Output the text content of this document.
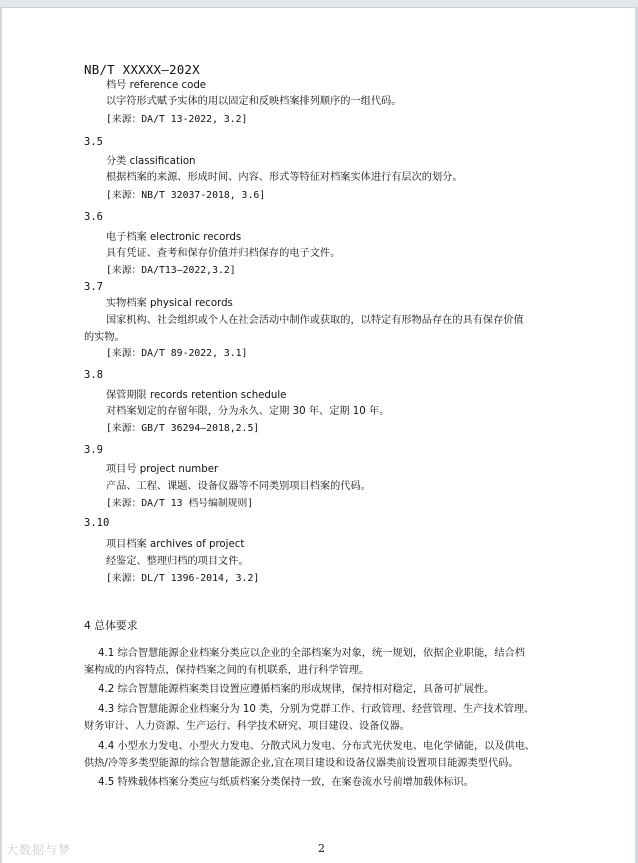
NB/T XXXXX—202X
档号 reference code
以字符形式赋予实体的用以固定和反映档案排列顺序的一组代码。
[来源：DA/T 13-2022, 3.2]
3.5
分类 classification
根据档案的来源、形成时间、内容、形式等特征对档案实体进行有层次的划分。
[来源：NB/T 32037-2018, 3.6]
3.6
电子档案 electronic records
具有凭证、查考和保存价值并归档保存的电子文件。
[来源：DA/T13—2022,3.2]
3.7
实物档案 physical records
国家机构、社会组织或个人在社会活动中制作或获取的，以特定有形物品存在的具有保存价值
的实物。
[来源：DA/T 89-2022, 3.1]
3.8
保管期限 records retention schedule
对档案划定的存留年限，分为永久、定期 30 年、定期 10 年。
[来源：GB/T 36294—2018,2.5]
3.9
项目号 project number
产品、工程、课题、设备仪器等不同类别项目档案的代码。
[来源：DA/T 13 档号编制规则]
3.10
项目档案 archives of project
经鉴定、整理归档的项目文件。
[来源：DL/T 1396-2014, 3.2]
4 总体要求
4.1 综合智慧能源企业档案分类应以企业的全部档案为对象，统一规划，依据企业职能，结合档
案构成的内容特点，保持档案之间的有机联系，进行科学管理。
4.2 综合智慧能源档案类目设置应遵循档案的形成规律，保持相对稳定，具备可扩展性。
4.3 综合智慧能源企业档案分为 10 类，分别为党群工作、行政管理、经营管理、生产技术管理、
财务审计、人力资源、生产运行、科学技术研究、项目建设、设备仪器。
4.4 小型水力发电、小型火力发电、分散式风力发电、分布式光伏发电、电化学储能，以及供电、
供热/冷等多类型能源的综合智慧能源企业,宜在项目建设和设备仪器类前设置项目能源类型代码。
4.5 特殊载体档案分类应与纸质档案分类保持一致，在案卷流水号前增加载体标识。
2
大数据与梦
